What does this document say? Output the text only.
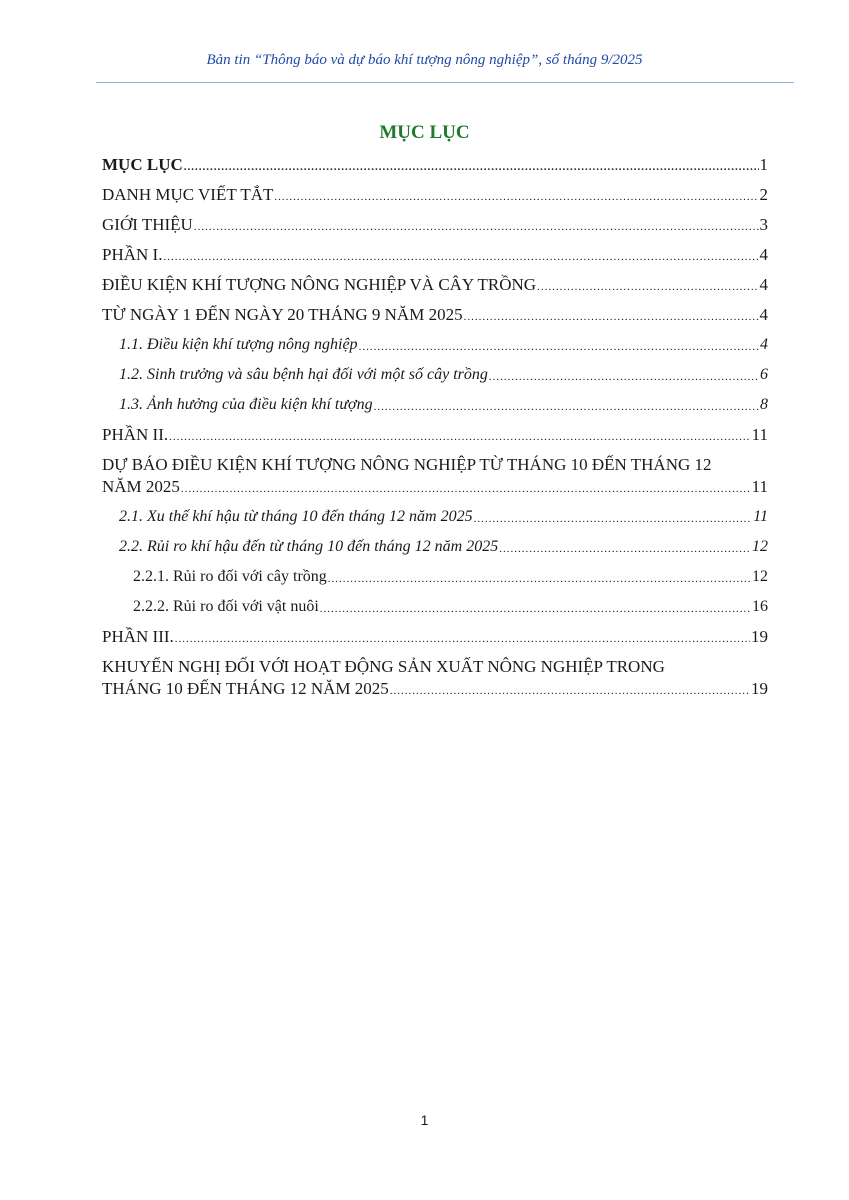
Bản tin “Thông báo và dự báo khí tượng nông nghiệp”, số tháng 9/2025
MỤC LỤC
MỤC LỤC .....	1
DANH MỤC VIẾT TẮT .....	2
GIỚI THIỆU .....	3
PHẦN I. .....	4
ĐIỀU KIỆN KHÍ TƯỢNG NÔNG NGHIỆP VÀ CÂY TRỒNG .....	4
TỪ NGÀY 1 ĐẾN NGÀY 20 THÁNG 9 NĂM 2025 .....	4
1.1. Điều kiện khí tượng nông nghiệp .....	4
1.2. Sinh trưởng và sâu bệnh hại đối với một số cây trồng .....	6
1.3. Ảnh hưởng của điều kiện khí tượng .....	8
PHẦN II. .....	11
DỰ BÁO ĐIỀU KIỆN KHÍ TƯỢNG NÔNG NGHIỆP TỪ THÁNG 10 ĐẾN THÁNG 12
NĂM 2025 .....	11
2.1. Xu thế khí hậu từ tháng 10 đến tháng 12 năm 2025 .....	11
2.2. Rủi ro khí hậu đến từ tháng 10 đến tháng 12 năm 2025 .....	12
2.2.1. Rủi ro đối với cây trồng .....	12
2.2.2. Rủi ro đối với vật nuôi .....	16
PHẦN III. .....	19
KHUYẾN NGHỊ ĐỐI VỚI HOẠT ĐỘNG SẢN XUẤT NÔNG NGHIỆP TRONG
THÁNG 10 ĐẾN THÁNG 12 NĂM 2025 .....	19
1
